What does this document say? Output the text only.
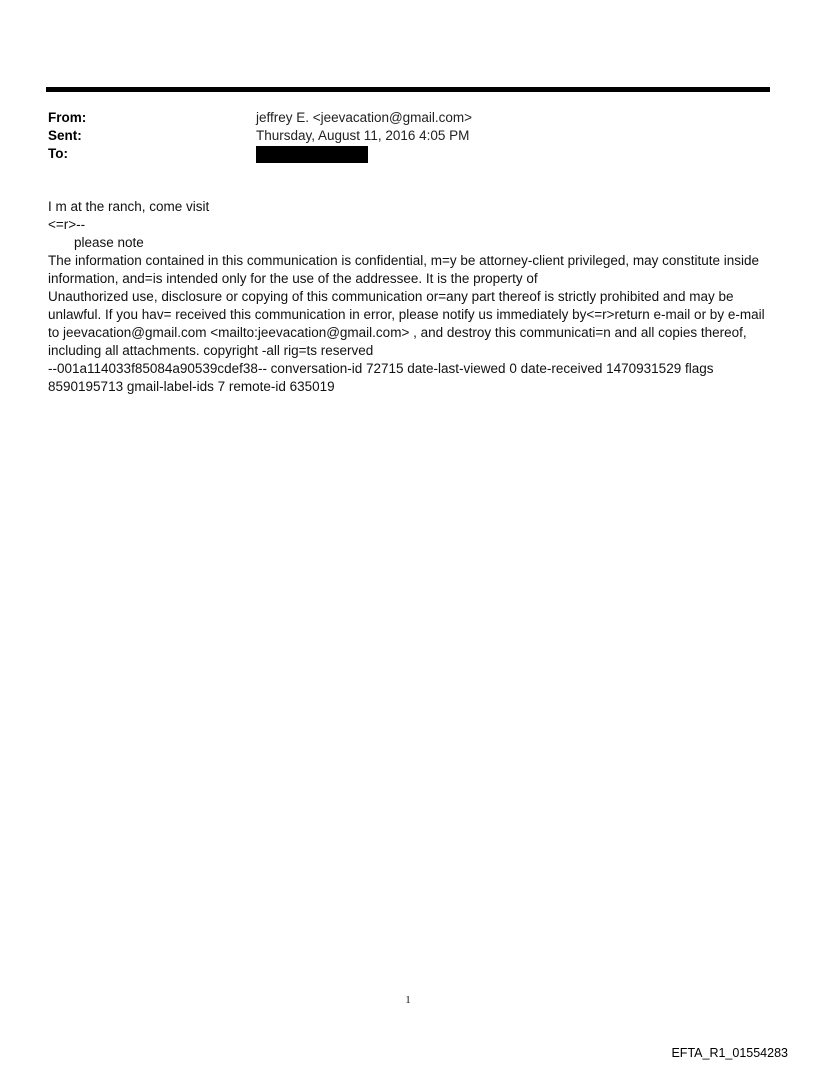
From:	jeffrey E. <jeevacation@gmail.com>
Sent:	Thursday, August 11, 2016 4:05 PM
To:

I m at the ranch, come visit

<=r>--

please note

The information contained in this communication is confidential, m=y be attorney-client privileged, may constitute inside information, and=is intended only for the use of the addressee. It is the property of

Unauthorized use, disclosure or copying of this communication or=any part thereof is strictly prohibited and may be unlawful. If you hav= received this communication in error, please notify us immediately by<=r>return e-mail or by e-mail to jeevacation@gmail.com <mailto:jeevacation@gmail.com> , and destroy this communicati=n and all copies thereof, including all attachments. copyright -all rig=ts reserved

--001a114033f85084a90539cdef38-- conversation-id 72715 date-last-viewed 0 date-received 1470931529 flags 8590195713 gmail-label-ids 7 remote-id 635019

1
EFTA_R1_01554283
